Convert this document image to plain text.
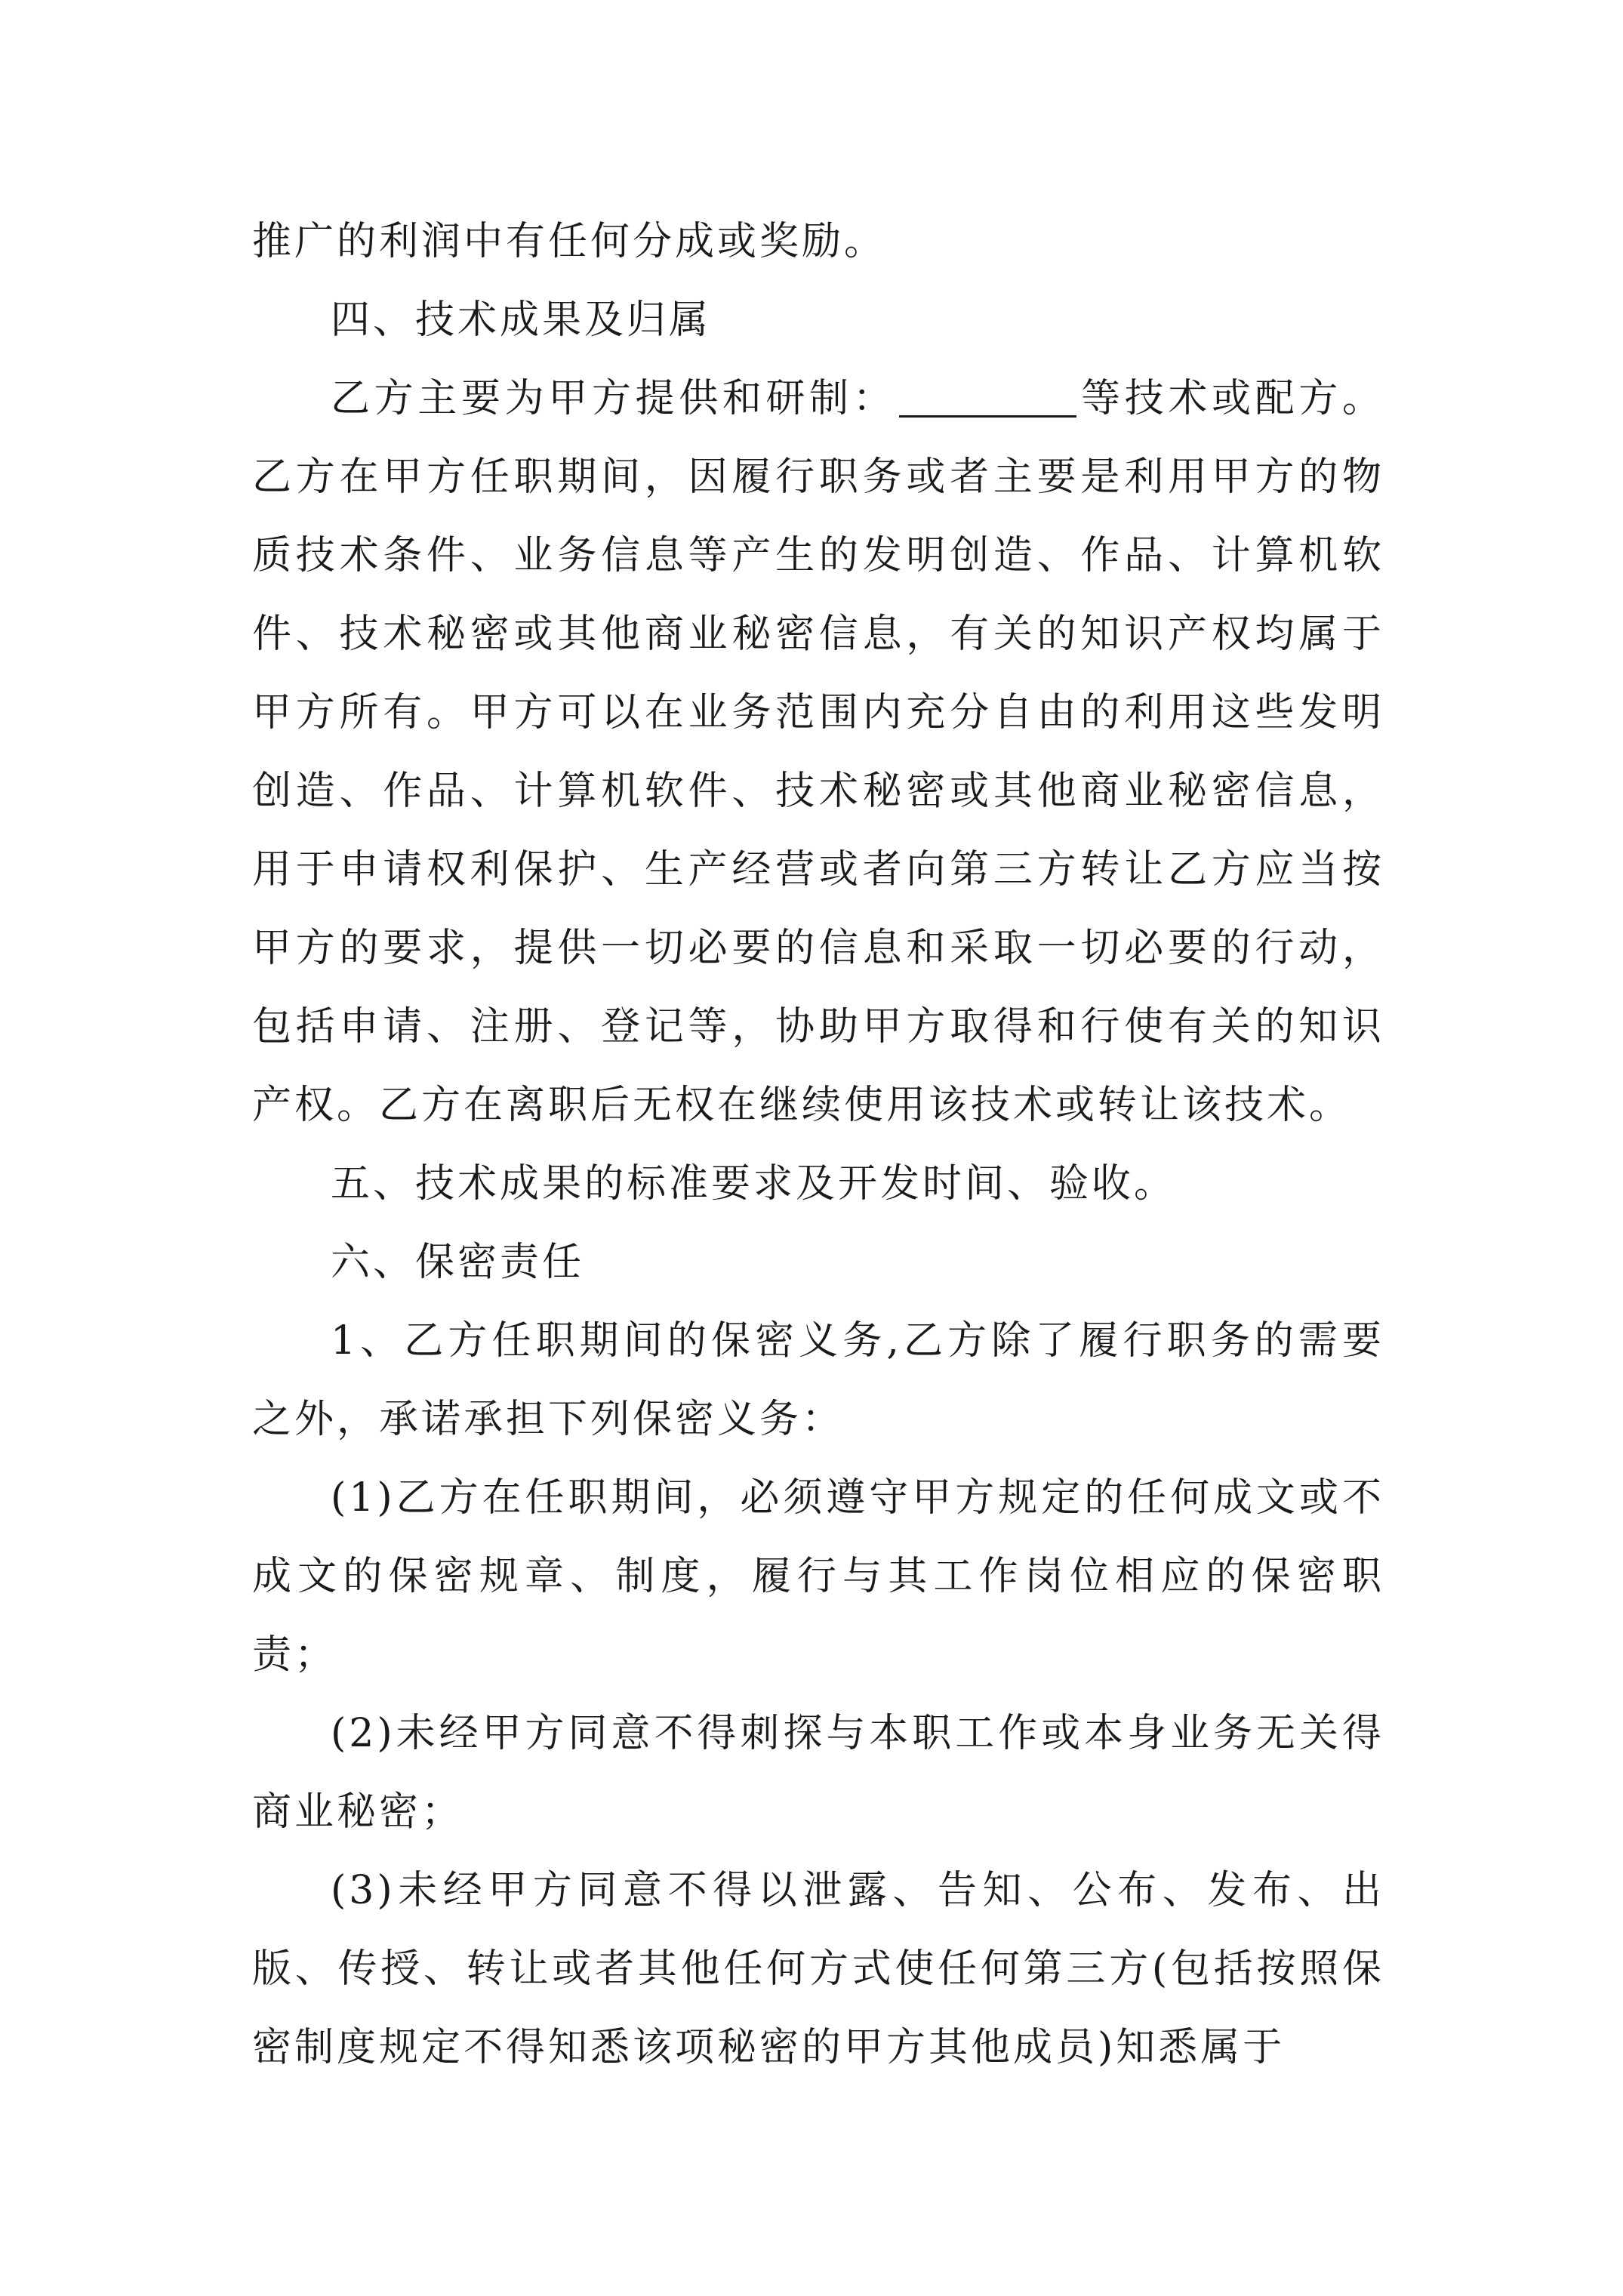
推广的利润中有任何分成或奖励。

四、技术成果及归属

乙方主要为甲方提供和研制：	等技术或配方。乙方在甲方任职期间，因履行职务或者主要是利用甲方的物质技术条件、业务信息等产生的发明创造、作品、计算机软件、技术秘密或其他商业秘密信息，有关的知识产权均属于甲方所有。甲方可以在业务范围内充分自由的利用这些发明创造、作品、计算机软件、技术秘密或其他商业秘密信息，用于申请权利保护、生产经营或者向第三方转让乙方应当按甲方的要求，提供一切必要的信息和采取一切必要的行动，包括申请、注册、登记等，协助甲方取得和行使有关的知识产权。乙方在离职后无权在继续使用该技术或转让该技术。

五、技术成果的标准要求及开发时间、验收。

六、保密责任

1、乙方任职期间的保密义务,乙方除了履行职务的需要之外，承诺承担下列保密义务：

(1)乙方在任职期间，必须遵守甲方规定的任何成文或不成文的保密规章、制度，履行与其工作岗位相应的保密职责；

(2)未经甲方同意不得刺探与本职工作或本身业务无关得商业秘密；

(3)未经甲方同意不得以泄露、告知、公布、发布、出版、传授、转让或者其他任何方式使任何第三方(包括按照保密制度规定不得知悉该项秘密的甲方其他成员)知悉属于
